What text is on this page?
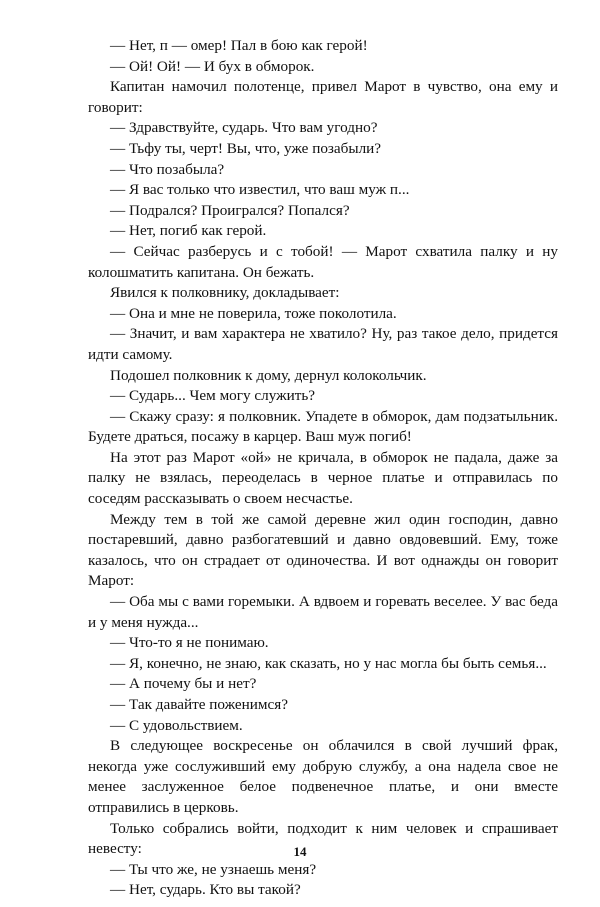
— Нет, п — омер! Пал в бою как герой!

— Ой! Ой! — И бух в обморок.

Капитан намочил полотенце, привел Марот в чувство, она ему и говорит:

— Здравствуйте, сударь. Что вам угодно?

— Тьфу ты, черт! Вы, что, уже позабыли?

— Что позабыла?

— Я вас только что известил, что ваш муж п...

— Подрался? Проигрался? Попался?

— Нет, погиб как герой.

— Сейчас разберусь и с тобой! — Марот схватила палку и ну колошматить капитана. Он бежать.

Явился к полковнику, докладывает:

— Она и мне не поверила, тоже поколотила.

— Значит, и вам характера не хватило? Ну, раз такое дело, придется идти самому.

Подошел полковник к дому, дернул колокольчик.

— Сударь... Чем могу служить?

— Скажу сразу: я полковник. Упадете в обморок, дам подзатыльник. Будете драться, посажу в карцер. Ваш муж погиб!

На этот раз Марот «ой» не кричала, в обморок не падала, даже за палку не взялась, переоделась в черное платье и отправилась по соседям рассказывать о своем несчастье.

Между тем в той же самой деревне жил один господин, давно постаревший, давно разбогатевший и давно овдовевший. Ему, тоже казалось, что он страдает от одиночества. И вот однажды он говорит Марот:

— Оба мы с вами горемыки. А вдвоем и горевать веселее. У вас беда и у меня нужда...

— Что-то я не понимаю.

— Я, конечно, не знаю, как сказать, но у нас могла бы быть семья...

— А почему бы и нет?

— Так давайте поженимся?

— С удовольствием.

В следующее воскресенье он облачился в свой лучший фрак, некогда уже сослуживший ему добрую службу, а она надела свое не менее заслуженное белое подвенечное платье, и они вместе отправились в церковь.

Только собрались войти, подходит к ним человек и спрашивает невесту:

— Ты что же, не узнаешь меня?

— Нет, сударь. Кто вы такой?

14
